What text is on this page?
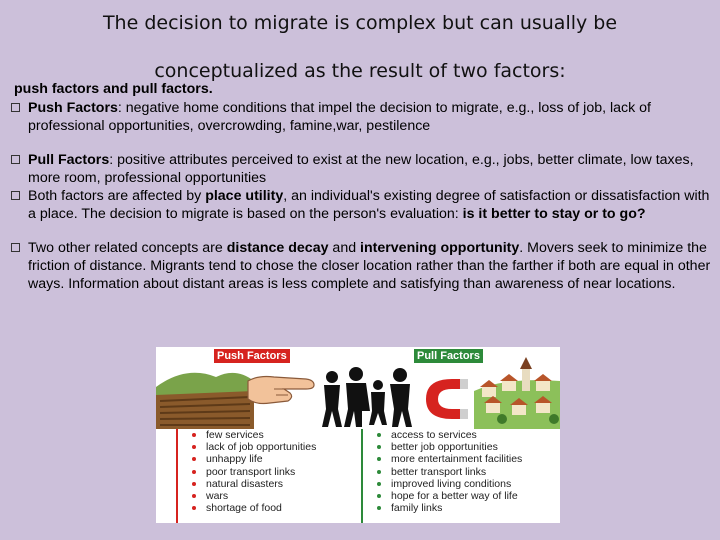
The decision to migrate is complex but can usually be
conceptualized as the result of two factors:
push factors and pull factors.
Push Factors: negative home conditions that impel the decision to migrate, e.g., loss of job, lack of professional opportunities, overcrowding, famine,war, pestilence
Pull Factors: positive attributes perceived to exist at the new location, e.g., jobs, better climate, low taxes, more room, professional opportunities
Both factors are affected by place utility, an individual's existing degree of satisfaction or dissatisfaction with a place. The decision to migrate is based on the person's evaluation: is it better to stay or to go?
Two other related concepts are distance decay and intervening opportunity. Movers seek to minimize the friction of distance. Migrants tend to chose the closer location rather than the farther if both are equal in other ways. Information about distant areas is less complete and satisfying than awareness of near locations.
Push Factors	Pull Factors
few services
lack of job opportunities
unhappy life
poor transport links
natural disasters
wars
shortage of food
access to services
better job opportunities
more entertainment facilities
better transport links
improved living conditions
hope for a better way of life
family links
